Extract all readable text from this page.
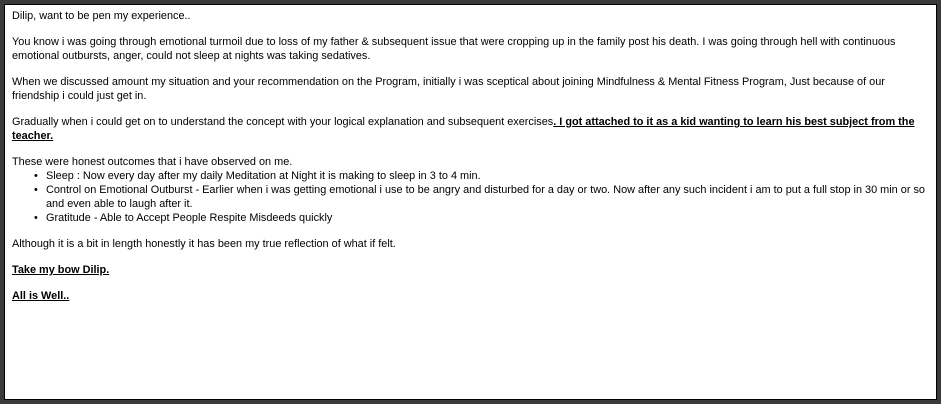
Dilip, want to be pen my experience..

You know i was going through emotional turmoil due to loss of my father & subsequent issue that were cropping up in the family post his death. I was going through hell with continuous emotional outbursts, anger, could not sleep at nights was taking sedatives.

When we discussed amount my situation and your recommendation on the Program, initially i was sceptical about joining Mindfulness & Mental Fitness Program, Just because of our friendship i could just get in.

Gradually when i could get on to understand the concept with your logical explanation and subsequent exercises. I got attached to it as a kid wanting to learn his best subject from the teacher.

These were honest outcomes that i have observed on me.

• Sleep : Now every day after my daily Meditation at Night it is making to sleep in 3 to 4 min.
• Control on Emotional Outburst - Earlier when i was getting emotional i use to be angry and disturbed for a day or two. Now after any such incident i am to put a full stop in 30 min or so and even able to laugh after it.
• Gratitude - Able to Accept People Respite Misdeeds quickly

Although it is a bit in length honestly it has been my true reflection of what if felt.

Take my bow Dilip.

All is Well..
